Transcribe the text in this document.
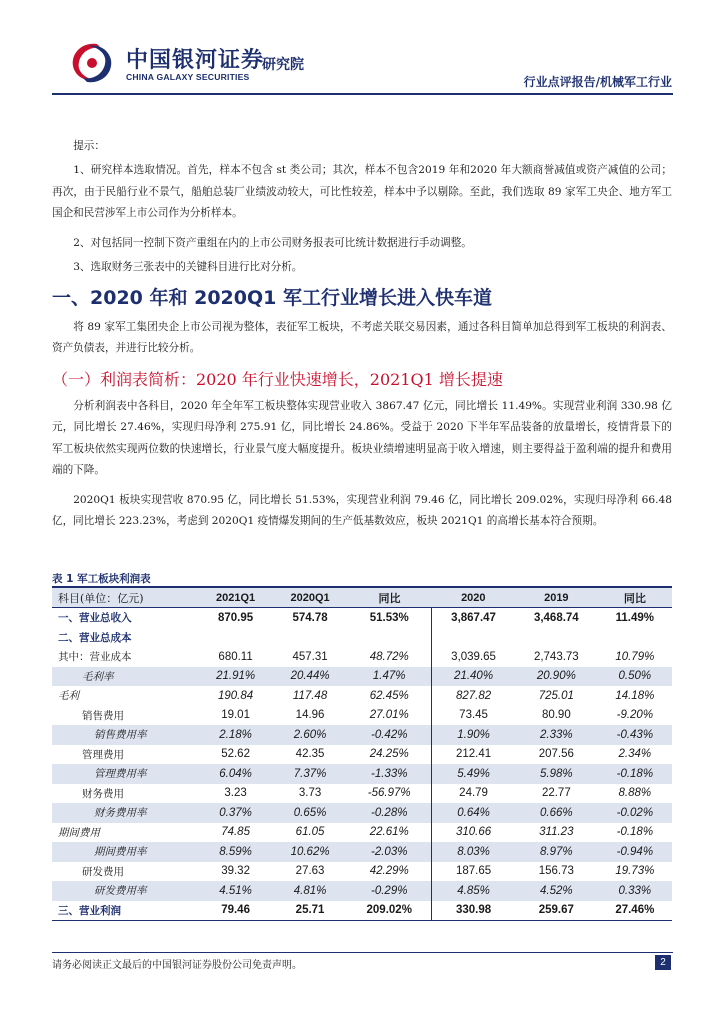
中国银河证券
CHINA GALAXY SECURITIES
研究院
行业点评报告/机械军工行业

提示：

1、研究样本选取情况。首先，样本不包含 st 类公司；其次，样本不包含2019 年和2020 年大额商誉减值或资产减值的公司；再次，由于民船行业不景气，船舶总装厂业绩波动较大，可比性较差，样本中予以剔除。至此，我们选取 89 家军工央企、地方军工国企和民营涉军上市公司作为分析样本。

2、对包括同一控制下资产重组在内的上市公司财务报表可比统计数据进行手动调整。

3、选取财务三张表中的关键科目进行比对分析。

一、2020 年和 2020Q1 军工行业增长进入快车道

将 89 家军工集团央企上市公司视为整体，表征军工板块，不考虑关联交易因素，通过各科目简单加总得到军工板块的利润表、资产负债表，并进行比较分析。

（一）利润表简析：2020 年行业快速增长，2021Q1 增长提速

分析利润表中各科目，2020 年全年军工板块整体实现营业收入 3867.47 亿元，同比增长 11.49%。实现营业利润 330.98 亿元，同比增长 27.46%，实现归母净利 275.91 亿，同比增长 24.86%。受益于 2020 下半年军品装备的放量增长，疫情背景下的军工板块依然实现两位数的快速增长，行业景气度大幅度提升。板块业绩增速明显高于收入增速，则主要得益于盈利端的提升和费用端的下降。

2020Q1 板块实现营收 870.95 亿，同比增长 51.53%，实现营业利润 79.46 亿，同比增长 209.02%，实现归母净利 66.48 亿，同比增长 223.23%，考虑到 2020Q1 疫情爆发期间的生产低基数效应，板块 2021Q1 的高增长基本符合预期。

表 1 军工板块利润表
科目(单位：亿元)	2021Q1	2020Q1	同比	2020	2019	同比
一、营业总收入	870.95	574.78	51.53%	3,867.47	3,468.74	11.49%
二、营业总成本						
其中：营业成本	680.11	457.31	48.72%	3,039.65	2,743.73	10.79%
毛利率	21.91%	20.44%	1.47%	21.40%	20.90%	0.50%
毛利	190.84	117.48	62.45%	827.82	725.01	14.18%
销售费用	19.01	14.96	27.01%	73.45	80.90	-9.20%
销售费用率	2.18%	2.60%	-0.42%	1.90%	2.33%	-0.43%
管理费用	52.62	42.35	24.25%	212.41	207.56	2.34%
管理费用率	6.04%	7.37%	-1.33%	5.49%	5.98%	-0.18%
财务费用	3.23	3.73	-56.97%	24.79	22.77	8.88%
财务费用率	0.37%	0.65%	-0.28%	0.64%	0.66%	-0.02%
期间费用	74.85	61.05	22.61%	310.66	311.23	-0.18%
期间费用率	8.59%	10.62%	-2.03%	8.03%	8.97%	-0.94%
研发费用	39.32	27.63	42.29%	187.65	156.73	19.73%
研发费用率	4.51%	4.81%	-0.29%	4.85%	4.52%	0.33%
三、营业利润	79.46	25.71	209.02%	330.98	259.67	27.46%
请务必阅读正文最后的中国银河证券股份公司免责声明。	2
